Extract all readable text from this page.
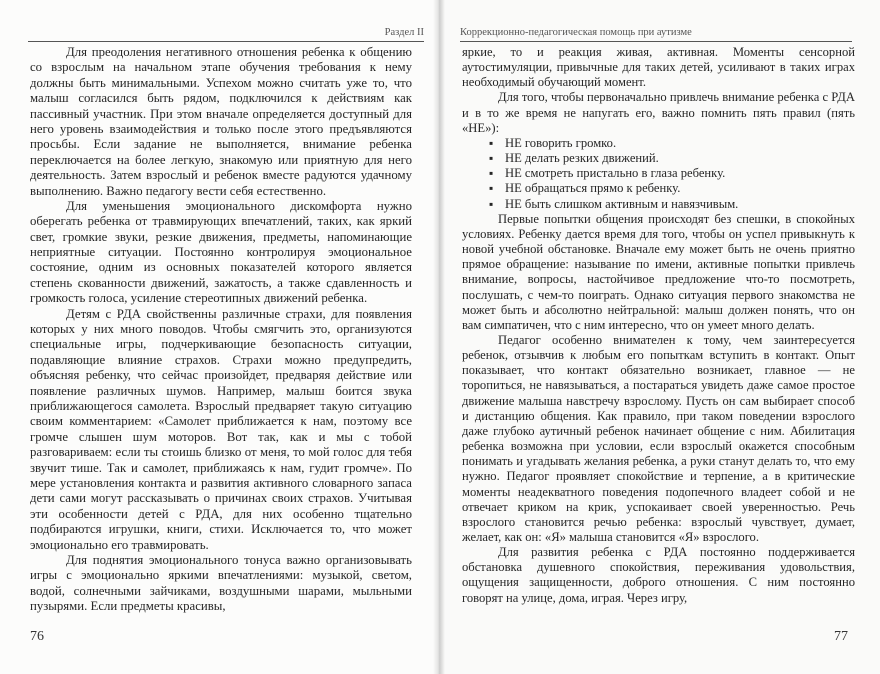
Раздел II

Для преодоления негативного отношения ребенка к общению со взрослым на начальном этапе обучения требования к нему должны быть минимальными. Успехом можно считать уже то, что малыш согласился быть рядом, подключился к действиям как пассивный участник. При этом вначале определяется доступный для него уровень взаимодействия и только после этого предъявляются просьбы. Если задание не выполняется, внимание ребенка переключается на более легкую, знакомую или приятную для него деятельность. Затем взрослый и ребенок вместе радуются удачному выполнению. Важно педагогу вести себя естественно.

Для уменьшения эмоционального дискомфорта нужно оберегать ребенка от травмирующих впечатлений, таких, как яркий свет, громкие звуки, резкие движения, предметы, напоминающие неприятные ситуации. Постоянно контролируя эмоциональное состояние, одним из основных показателей которого является степень скованности движений, зажатость, а также сдавленность и громкость голоса, усиление стереотипных движений ребенка.

Детям с РДА свойственны различные страхи, для появления которых у них много поводов. Чтобы смягчить это, организуются специальные игры, подчеркивающие безопасность ситуации, подавляющие влияние страхов. Страхи можно предупредить, объясняя ребенку, что сейчас произойдет, предваряя действие или появление различных шумов. Например, малыш боится звука приближающегося самолета. Взрослый предваряет такую ситуацию своим комментарием: «Самолет приближается к нам, поэтому все громче слышен шум моторов. Вот так, как и мы с тобой разговариваем: если ты стоишь близко от меня, то мой голос для тебя звучит тише. Так и самолет, приближаясь к нам, гудит громче». По мере установления контакта и развития активного словарного запаса дети сами могут рассказывать о причинах своих страхов. Учитывая эти особенности детей с РДА, для них особенно тщательно подбираются игрушки, книги, стихи. Исключается то, что может эмоционально его травмировать.

Для поднятия эмоционального тонуса важно организовывать игры с эмоционально яркими впечатлениями: музыкой, светом, водой, солнечными зайчиками, воздушными шарами, мыльными пузырями. Если предметы красивы,

76
Коррекционно-педагогическая помощь при аутизме

яркие, то и реакция живая, активная. Моменты сенсорной аутостимуляции, привычные для таких детей, усиливают в таких играх необходимый обучающий момент.

Для того, чтобы первоначально привлечь внимание ребенка с РДА и в то же время не напугать его, важно помнить пять правил (пять «НЕ»):

▪ НЕ говорить громко.
▪ НЕ делать резких движений.
▪ НЕ смотреть пристально в глаза ребенку.
▪ НЕ обращаться прямо к ребенку.
▪ НЕ быть слишком активным и навязчивым.

Первые попытки общения происходят без спешки, в спокойных условиях. Ребенку дается время для того, чтобы он успел привыкнуть к новой учебной обстановке. Вначале ему может быть не очень приятно прямое обращение: называние по имени, активные попытки привлечь внимание, вопросы, настойчивое предложение что-то посмотреть, послушать, с чем-то поиграть. Однако ситуация первого знакомства не может быть и абсолютно нейтральной: малыш должен понять, что он вам симпатичен, что с ним интересно, что он умеет много делать.

Педагог особенно внимателен к тому, чем заинтересуется ребенок, отзывчив к любым его попыткам вступить в контакт. Опыт показывает, что контакт обязательно возникает, главное — не торопиться, не навязываться, а постараться увидеть даже самое простое движение малыша навстречу взрослому. Пусть он сам выбирает способ и дистанцию общения. Как правило, при таком поведении взрослого даже глубоко аутичный ребенок начинает общение с ним. Абилитация ребенка возможна при условии, если взрослый окажется способным понимать и угадывать желания ребенка, а руки станут делать то, что ему нужно. Педагог проявляет спокойствие и терпение, а в критические моменты неадекватного поведения подопечного владеет собой и не отвечает криком на крик, успокаивает своей уверенностью. Речь взрослого становится речью ребенка: взрослый чувствует, думает, желает, как он: «Я» малыша становится «Я» взрослого.

Для развития ребенка с РДА постоянно поддерживается обстановка душевного спокойствия, переживания удовольствия, ощущения защищенности, доброго отношения. С ним постоянно говорят на улице, дома, играя. Через игру,

77
